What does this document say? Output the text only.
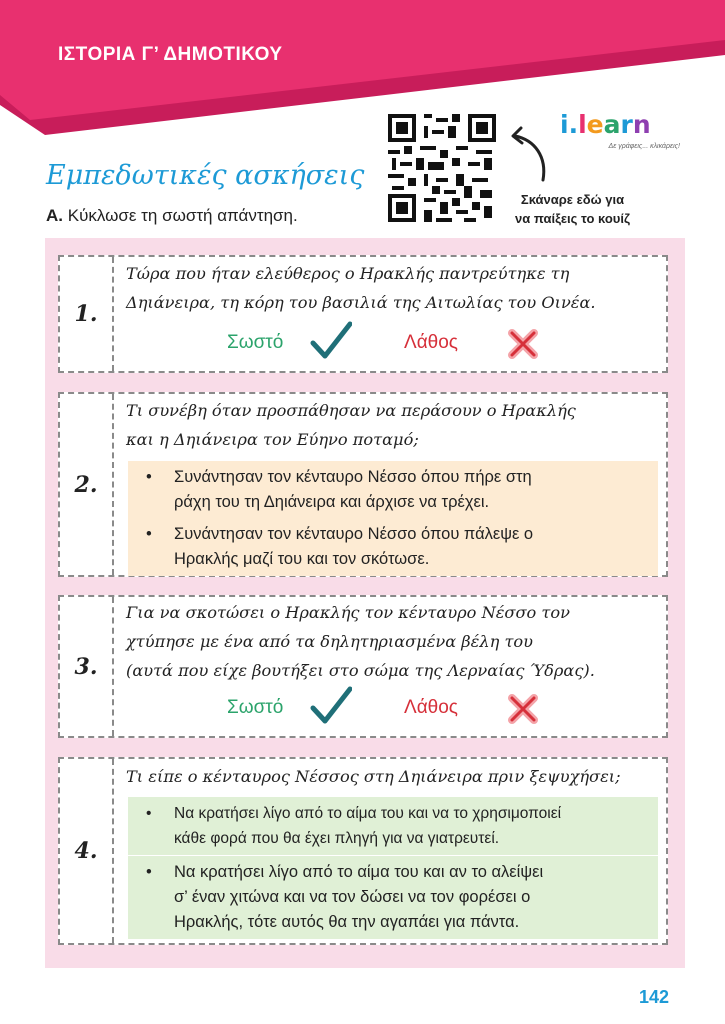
ΙΣΤΟΡΙΑ Γ’ ΔΗΜΟΤΙΚΟΥ
Εμπεδωτικές ασκήσεις
Α. Κύκλωσε τη σωστή απάντηση.
Σκάναρε εδώ για
να παίξεις το κουίζ
i.learn
Δε γράφεις... κλικάρεις!
1.
Τώρα που ήταν ελεύθερος ο Ηρακλής παντρεύτηκε τη
Δηιάνειρα, τη κόρη του βασιλιά της Αιτωλίας του Οινέα.
Σωστό	Λάθος
2.
Τι συνέβη όταν προσπάθησαν να περάσουν ο Ηρακλής
και η Δηιάνειρα τον Εύηνο ποταμό;
• Συνάντησαν τον κένταυρο Νέσσο όπου πήρε στη
ράχη του τη Δηιάνειρα και άρχισε να τρέχει.
• Συνάντησαν τον κένταυρο Νέσσο όπου πάλεψε ο
Ηρακλής μαζί του και τον σκότωσε.
3.
Για να σκοτώσει ο Ηρακλής τον κένταυρο Νέσσο τον
χτύπησε με ένα από τα δηλητηριασμένα βέλη του
(αυτά που είχε βουτήξει στο σώμα της Λερναίας Ύδρας).
Σωστό	Λάθος
4.
Τι είπε ο κένταυρος Νέσσος στη Δηιάνειρα πριν ξεψυχήσει;
• Να κρατήσει λίγο από το αίμα του και να το χρησιμοποιεί
κάθε φορά που θα έχει πληγή για να γιατρευτεί.
• Να κρατήσει λίγο από το αίμα του και αν το αλείψει
σ’ έναν χιτώνα και να τον δώσει να τον φορέσει ο
Ηρακλής, τότε αυτός θα την αγαπάει για πάντα.
142
